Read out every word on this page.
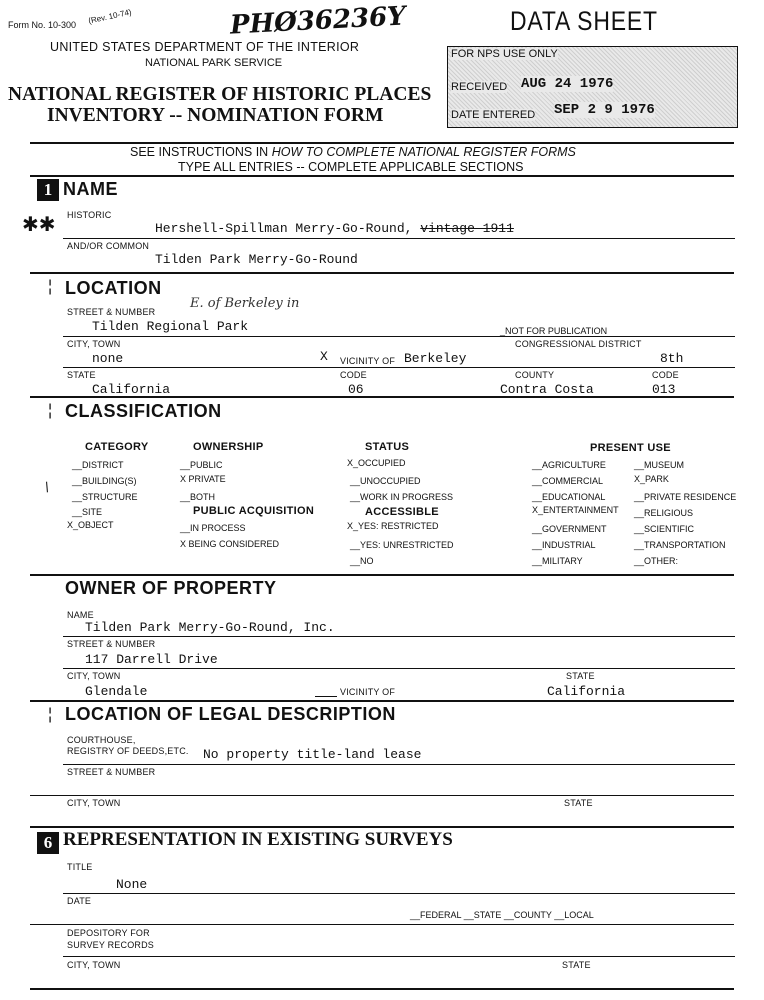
Form No. 10-300 (Rev. 10-74)	PHØ36236Y	DATA SHEET
UNITED STATES DEPARTMENT OF THE INTERIOR
NATIONAL PARK SERVICE
NATIONAL REGISTER OF HISTORIC PLACES
INVENTORY -- NOMINATION FORM
FOR NPS USE ONLY
RECEIVED AUG 24 1976
DATE ENTERED SEP 2 9 1976
SEE INSTRUCTIONS IN HOW TO COMPLETE NATIONAL REGISTER FORMS
TYPE ALL ENTRIES -- COMPLETE APPLICABLE SECTIONS
1 NAME
✱✱ HISTORIC
Hershell-Spillman Merry-Go-Round, vintage 1911
AND/OR COMMON
Tilden Park Merry-Go-Round
¦ LOCATION
E. of Berkeley in
STREET & NUMBER
Tilden Regional Park	_NOT FOR PUBLICATION
CITY, TOWN	CONGRESSIONAL DISTRICT
none	X VICINITY OF Berkeley	8th
STATE	CODE	COUNTY	CODE
California	06	Contra Costa	013
¦ CLASSIFICATION
CATEGORY
__DISTRICT
__BUILDING(S)
__STRUCTURE
__SITE
X_OBJECT
/
OWNERSHIP
__PUBLIC
X PRIVATE
__BOTH
PUBLIC ACQUISITION
__IN PROCESS
X BEING CONSIDERED
STATUS
X_OCCUPIED
__UNOCCUPIED
__WORK IN PROGRESS
ACCESSIBLE
X_YES: RESTRICTED
__YES: UNRESTRICTED
__NO
PRESENT USE
__AGRICULTURE
__COMMERCIAL
__EDUCATIONAL
X_ENTERTAINMENT
__GOVERNMENT
__INDUSTRIAL
__MILITARY
__MUSEUM
X_PARK
__PRIVATE RESIDENCE
__RELIGIOUS
__SCIENTIFIC
__TRANSPORTATION
__OTHER:
OWNER OF PROPERTY
NAME
Tilden Park Merry-Go-Round, Inc.
STREET & NUMBER
117 Darrell Drive
CITY, TOWN	STATE
Glendale	VICINITY OF	California
¦ LOCATION OF LEGAL DESCRIPTION
COURTHOUSE,
REGISTRY OF DEEDS,ETC. No property title-land lease
STREET & NUMBER
CITY, TOWN	STATE
6 REPRESENTATION IN EXISTING SURVEYS
TITLE
None
DATE
__FEDERAL __STATE __COUNTY __LOCAL
DEPOSITORY FOR
SURVEY RECORDS
CITY, TOWN	STATE
